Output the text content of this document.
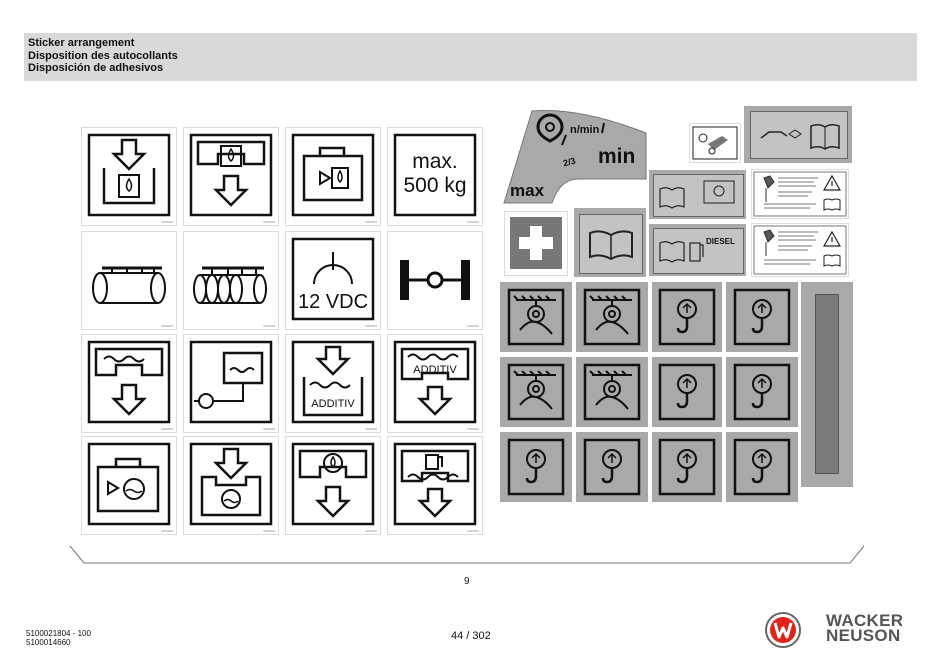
Sticker arrangement
Disposition des autocollants
Disposición de adhesivos
5200000	5200000	5200000
max.
500 kg
5200000
5200000	5200000
12 VDC
5200000	5200000
5200000	5200000
ADDITIV
5200000
ADDITIV
5200000
5200000	5200000	5200000	5200000
n/min
min
2/3
max
DIESEL
9
5100021804 - 100
5100014660
44 / 302
WACKER
NEUSON
